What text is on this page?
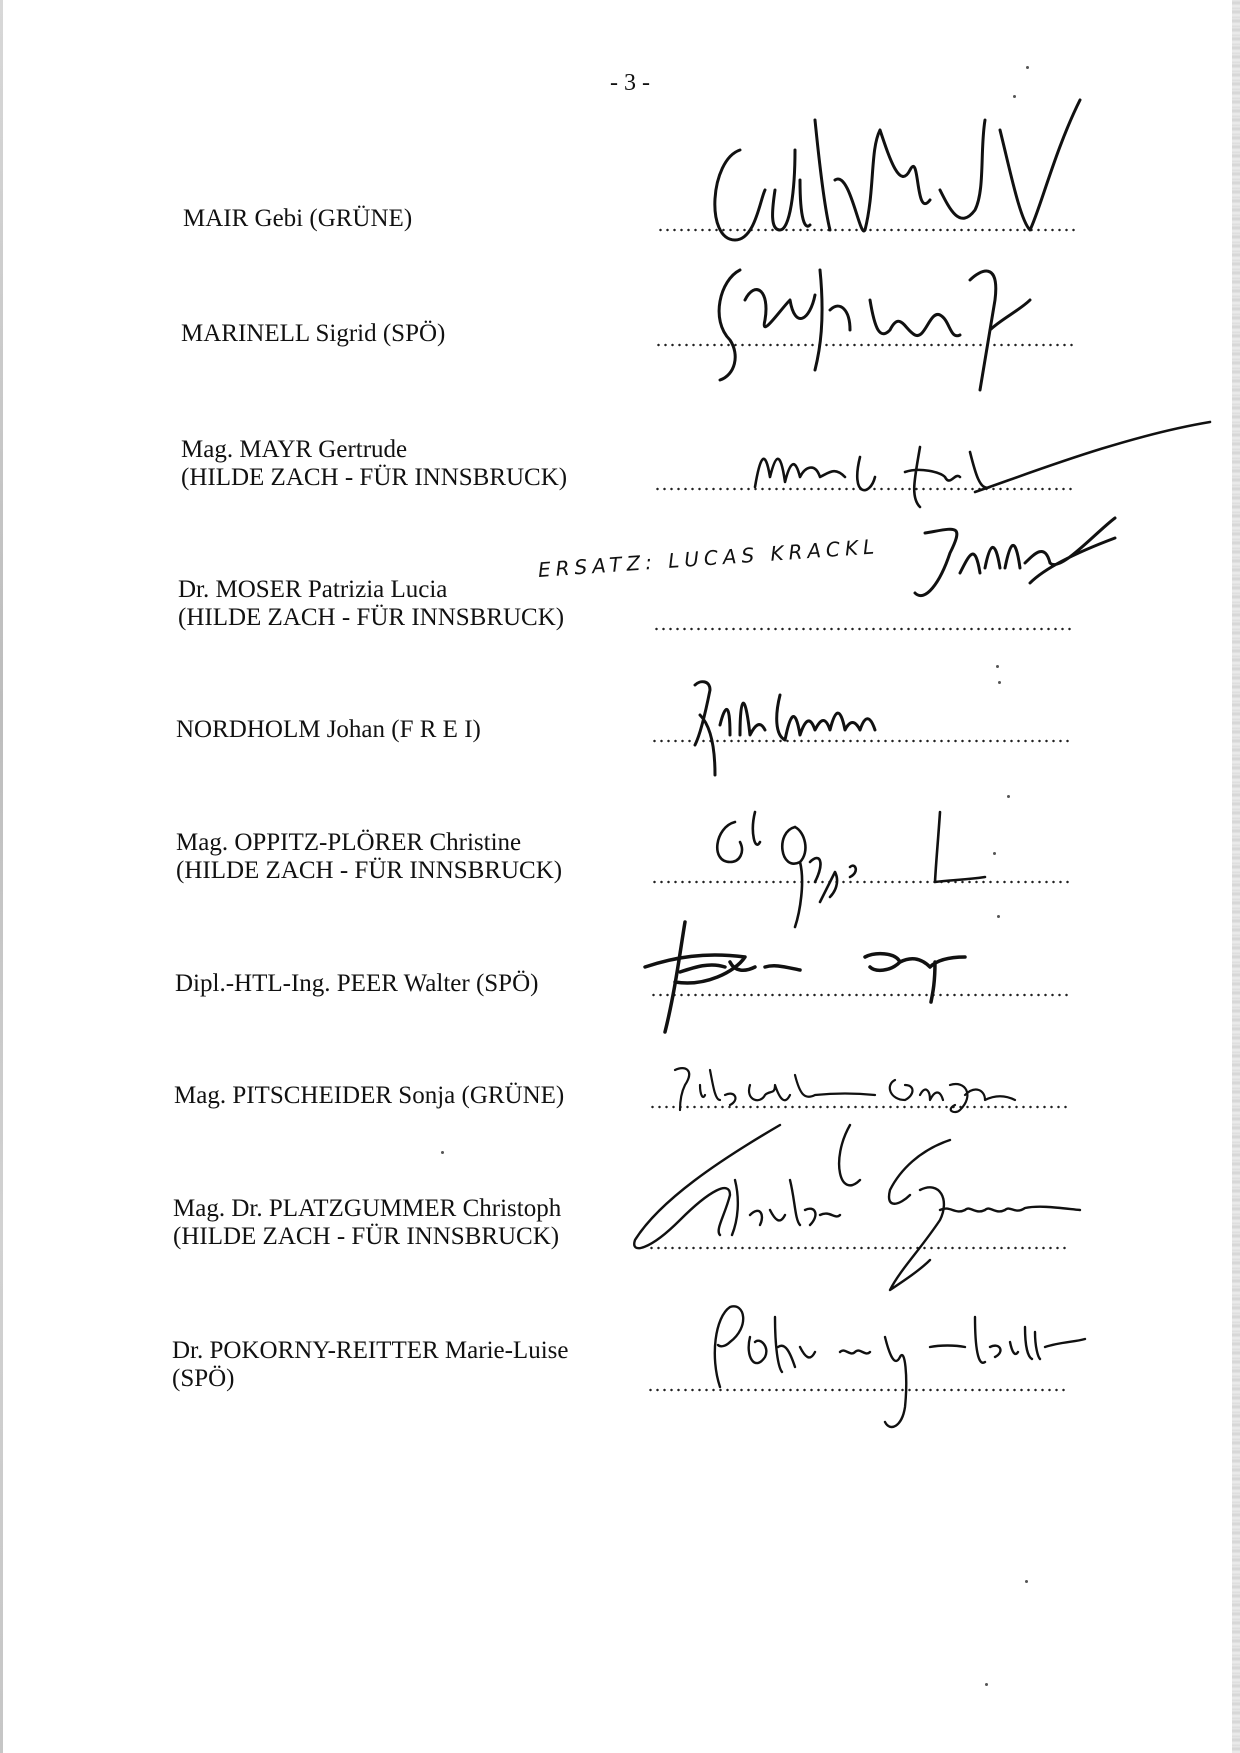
- 3 -
MAIR Gebi (GRÜNE)
MARINELL Sigrid (SPÖ)
Mag. MAYR Gertrude
(HILDE ZACH - FÜR INNSBRUCK)
Dr. MOSER Patrizia Lucia
(HILDE ZACH - FÜR INNSBRUCK)
ERSATZ: LUCAS KRACKL
NORDHOLM Johan (F R E I)
Mag. OPPITZ-PLÖRER Christine
(HILDE ZACH - FÜR INNSBRUCK)
Dipl.-HTL-Ing. PEER Walter (SPÖ)
Mag. PITSCHEIDER Sonja (GRÜNE)
Mag. Dr. PLATZGUMMER Christoph
(HILDE ZACH - FÜR INNSBRUCK)
Dr. POKORNY-REITTER Marie-Luise
(SPÖ)
